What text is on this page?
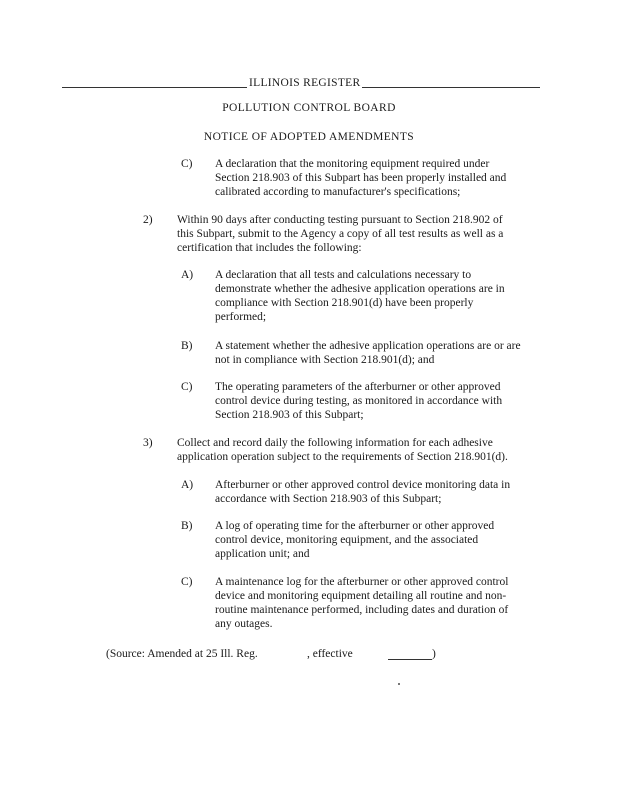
ILLINOIS REGISTER
POLLUTION CONTROL BOARD
NOTICE OF ADOPTED AMENDMENTS
C) A declaration that the monitoring equipment required under
Section 218.903 of this Subpart has been properly installed and
calibrated according to manufacturer's specifications;
2) Within 90 days after conducting testing pursuant to Section 218.902 of
this Subpart, submit to the Agency a copy of all test results as well as a
certification that includes the following:
A) A declaration that all tests and calculations necessary to
demonstrate whether the adhesive application operations are in
compliance with Section 218.901(d) have been properly
performed;
B) A statement whether the adhesive application operations are or are
not in compliance with Section 218.901(d); and
C) The operating parameters of the afterburner or other approved
control device during testing, as monitored in accordance with
Section 218.903 of this Subpart;
3) Collect and record daily the following information for each adhesive
application operation subject to the requirements of Section 218.901(d).
A) Afterburner or other approved control device monitoring data in
accordance with Section 218.903 of this Subpart;
B) A log of operating time for the afterburner or other approved
control device, monitoring equipment, and the associated
application unit; and
C) A maintenance log for the afterburner or other approved control
device and monitoring equipment detailing all routine and non-
routine maintenance performed, including dates and duration of
any outages.
(Source: Amended at 25 Ill. Reg.	, effective	)
